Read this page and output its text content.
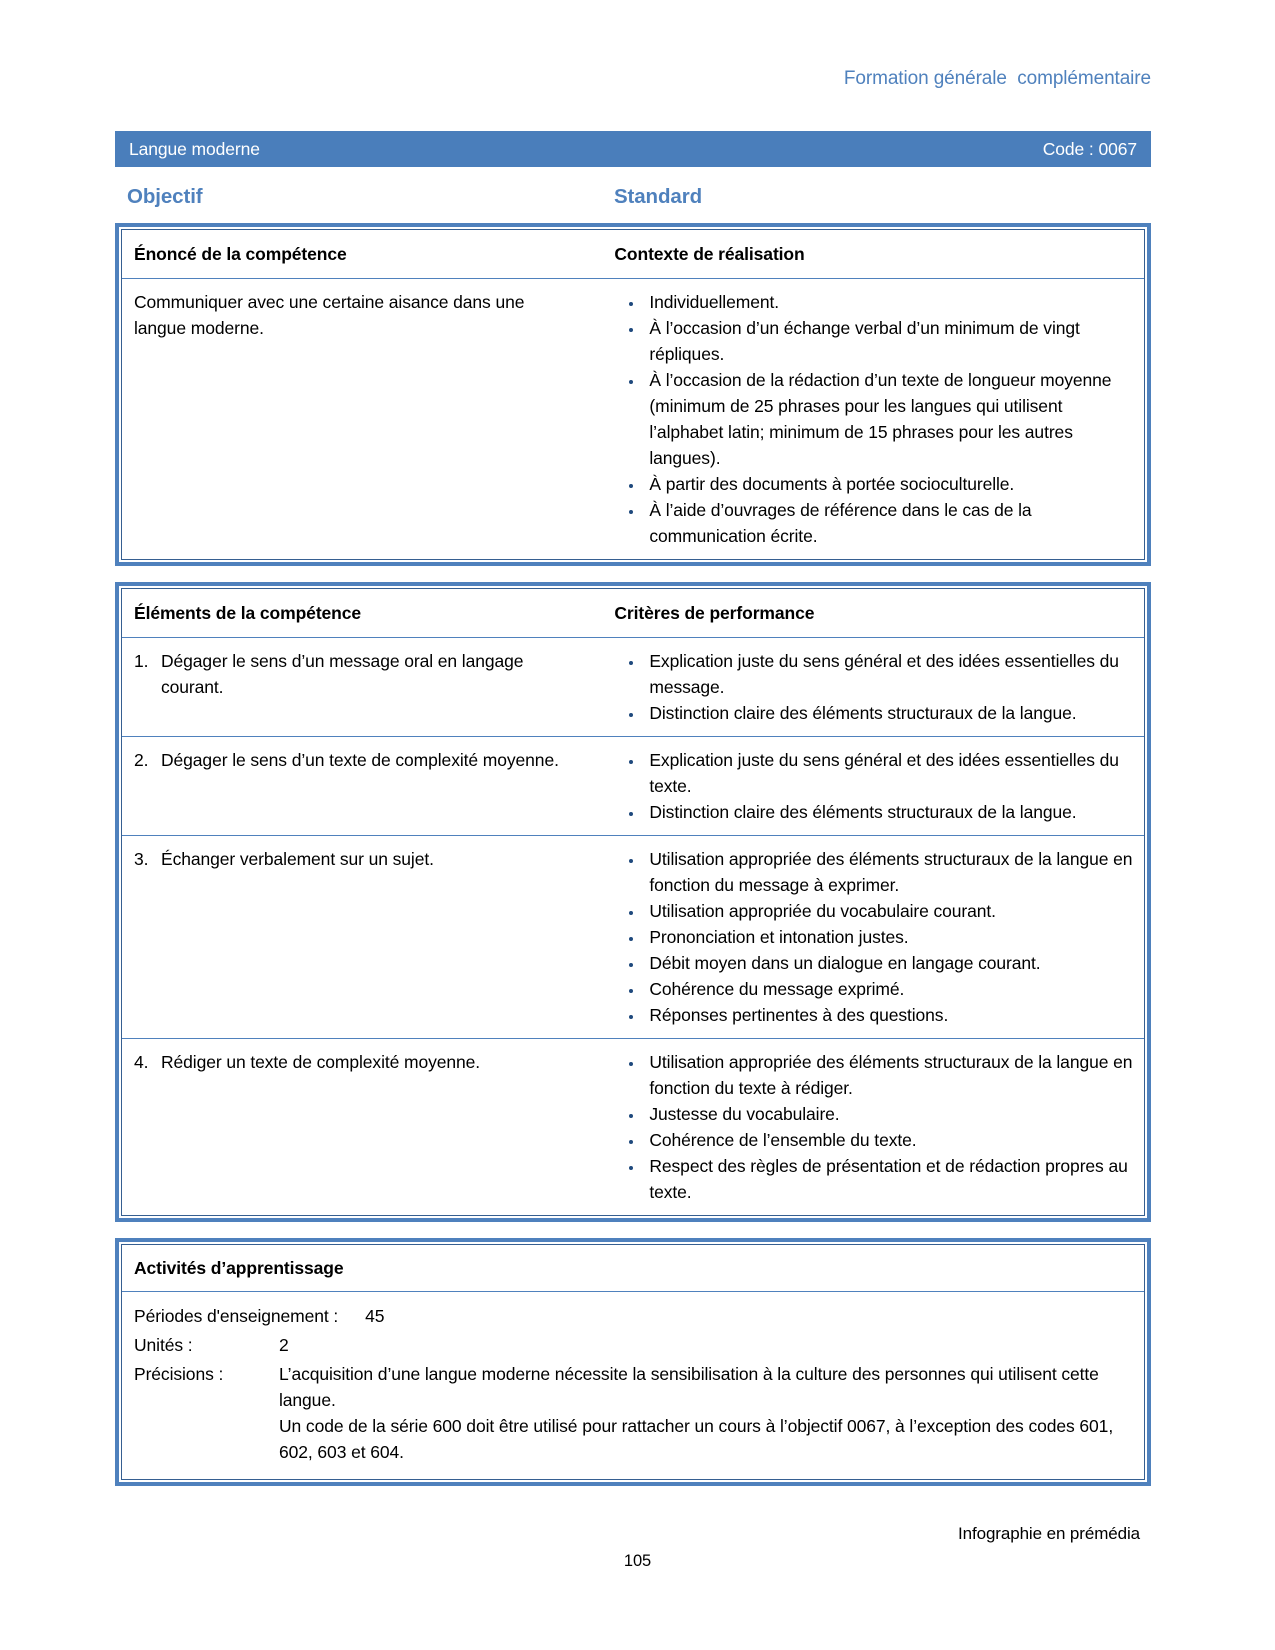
Formation générale  complémentaire
Langue moderne	Code : 0067
Objectif	Standard
Énoncé de la compétence	Contexte de réalisation
Communiquer avec une certaine aisance dans une langue moderne.
• Individuellement.
• À l’occasion d’un échange verbal d’un minimum de vingt répliques.
• À l’occasion de la rédaction d’un texte de longueur moyenne (minimum de 25 phrases pour les langues qui utilisent l’alphabet latin; minimum de 15 phrases pour les autres langues).
• À partir des documents à portée socioculturelle.
• À l’aide d’ouvrages de référence dans le cas de la communication écrite.
Éléments de la compétence	Critères de performance
1. Dégager le sens d’un message oral en langage courant.
• Explication juste du sens général et des idées essentielles du message.
• Distinction claire des éléments structuraux de la langue.
2. Dégager le sens d’un texte de complexité moyenne.	• Explication juste du sens général et des idées essentielles du texte.
• Distinction claire des éléments structuraux de la langue.
3. Échanger verbalement sur un sujet.	• Utilisation appropriée des éléments structuraux de la langue en fonction du message à exprimer.
• Utilisation appropriée du vocabulaire courant.
• Prononciation et intonation justes.
• Débit moyen dans un dialogue en langage courant.
• Cohérence du message exprimé.
• Réponses pertinentes à des questions.
4. Rédiger un texte de complexité moyenne.	• Utilisation appropriée des éléments structuraux de la langue en fonction du texte à rédiger.
• Justesse du vocabulaire.
• Cohérence de l’ensemble du texte.
• Respect des règles de présentation et de rédaction propres au texte.
Activités d’apprentissage
Périodes d'enseignement : 45
Unités :	2
Précisions :	L’acquisition d’une langue moderne nécessite la sensibilisation à la culture des personnes qui utilisent cette langue.

Un code de la série 600 doit être utilisé pour rattacher un cours à l’objectif 0067, à l’exception des codes 601, 602, 603 et 604.

Infographie en prémédia
105
